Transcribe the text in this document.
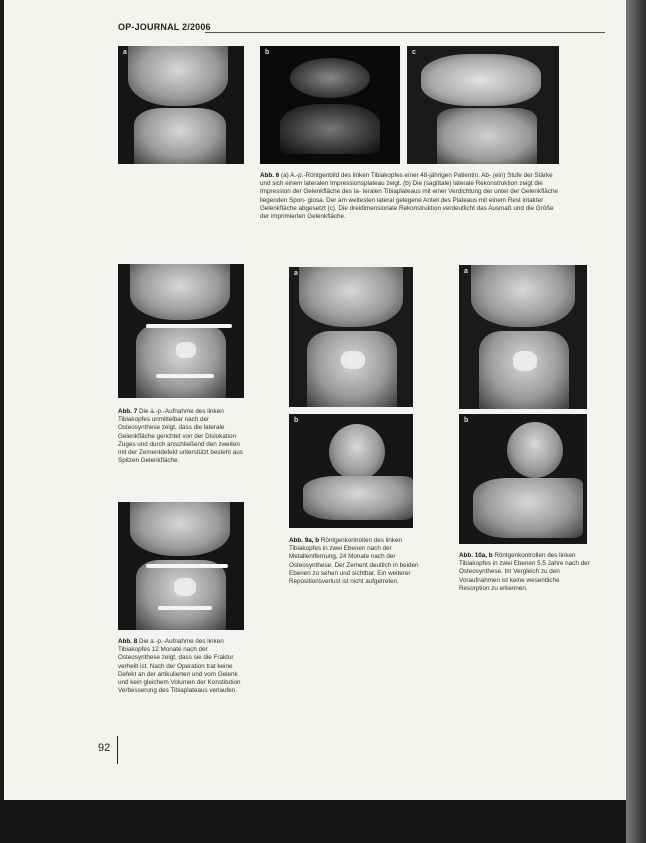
OP-JOURNAL 2/2006
a	b	c
Abb. 6 (a) A.-p.-Röntgenbild des linken Tibiakopfes einer 48-jährigen Patientin. Ab- (ein) Stufe der Stärke und sich einem lateralen Impressionsplateau zeigt. (b) Die (sagittale) laterale Rekonstruktion zeigt die Impression der Gelenkfläche des la- teralen Tibiaplateaus mit einer Verdichtung der unter der Gelenkfläche liegenden Spon- giosa. Der am weitesten lateral gelegene Anteil des Plateaus mit einem Rest intakter Gelenkfläche abgesetzt (c). Die dreidimensionale Rekonstruktion verdeutlicht das Ausmaß und die Größe der imprimierten Gelenkfläche.
Abb. 7 Die a.-p.-Aufnahme des linken Tibiakopfes unmittelbar nach der Osteosynthese zeigt, dass die laterale Gelenkfläche gerichtet von der Dislokation Zuges und durch anschließend den zweiten mit der Zementdefekt unterstützt besteht aus Spitzen Gelenkfläche.
Abb. 8 Die a.-p.-Aufnahme des linken Tibiakopfes 12 Monate nach der Osteosynthese zeigt, dass sie die Fraktur verheilt ist. Nach der Operation trat keine Defekt an der artikulierten und vom Gelenk und kein gleichem Volumen der Konstitution Verbesserung des Tibiaplateaus verlaufen.
a
b
Abb. 9a, b Röntgenkontrollen des linken Tibiakopfes in zwei Ebenen nach der Metallentfernung, 24 Monate nach der Osteosynthese. Der Zement deutlich in beiden Ebenen zu sehen und sichtbar. Ein weiterer Repositionsverlust ist nicht aufgetreten.
a
b
Abb. 10a, b Röntgenkontrollen des linken Tibiakopfes in zwei Ebenen 5,5 Jahre nach der Osteosynthese. Im Vergleich zu den Voraufnahmen ist keine wesentliche Resorption zu erkennen.
92
